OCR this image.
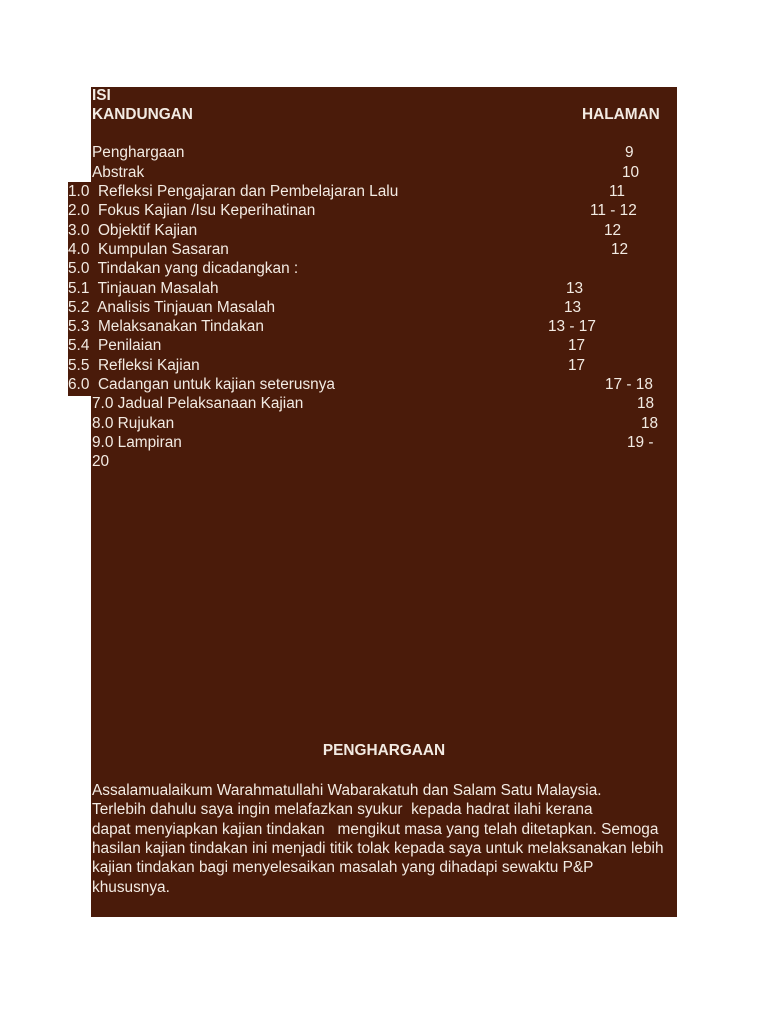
ISI
KANDUNGAN	HALAMAN
Penghargaan	9
Abstrak	10
1.0  Refleksi Pengajaran dan Pembelajaran Lalu	11
2.0  Fokus Kajian /Isu Keperihatinan	11 - 12
3.0  Objektif Kajian	12
4.0  Kumpulan Sasaran	12
5.0  Tindakan yang dicadangkan :
5.1  Tinjauan Masalah	13
5.2  Analisis Tinjauan Masalah	13
5.3  Melaksanakan Tindakan	13 - 17
5.4  Penilaian	17
5.5  Refleksi Kajian	17
6.0  Cadangan untuk kajian seterusnya	17 - 18
7.0 Jadual Pelaksanaan Kajian	18
8.0 Rujukan	18
9.0 Lampiran	19 -
20
PENGHARGAAN
Assalamualaikum Warahmatullahi Wabarakatuh dan Salam Satu Malaysia.
Terlebih dahulu saya ingin melafazkan syukur  kepada hadrat ilahi kerana
dapat menyiapkan kajian tindakan   mengikut masa yang telah ditetapkan. Semoga
hasilan kajian tindakan ini menjadi titik tolak kepada saya untuk melaksanakan lebih
kajian tindakan bagi menyelesaikan masalah yang dihadapi sewaktu P&P
khususnya.
